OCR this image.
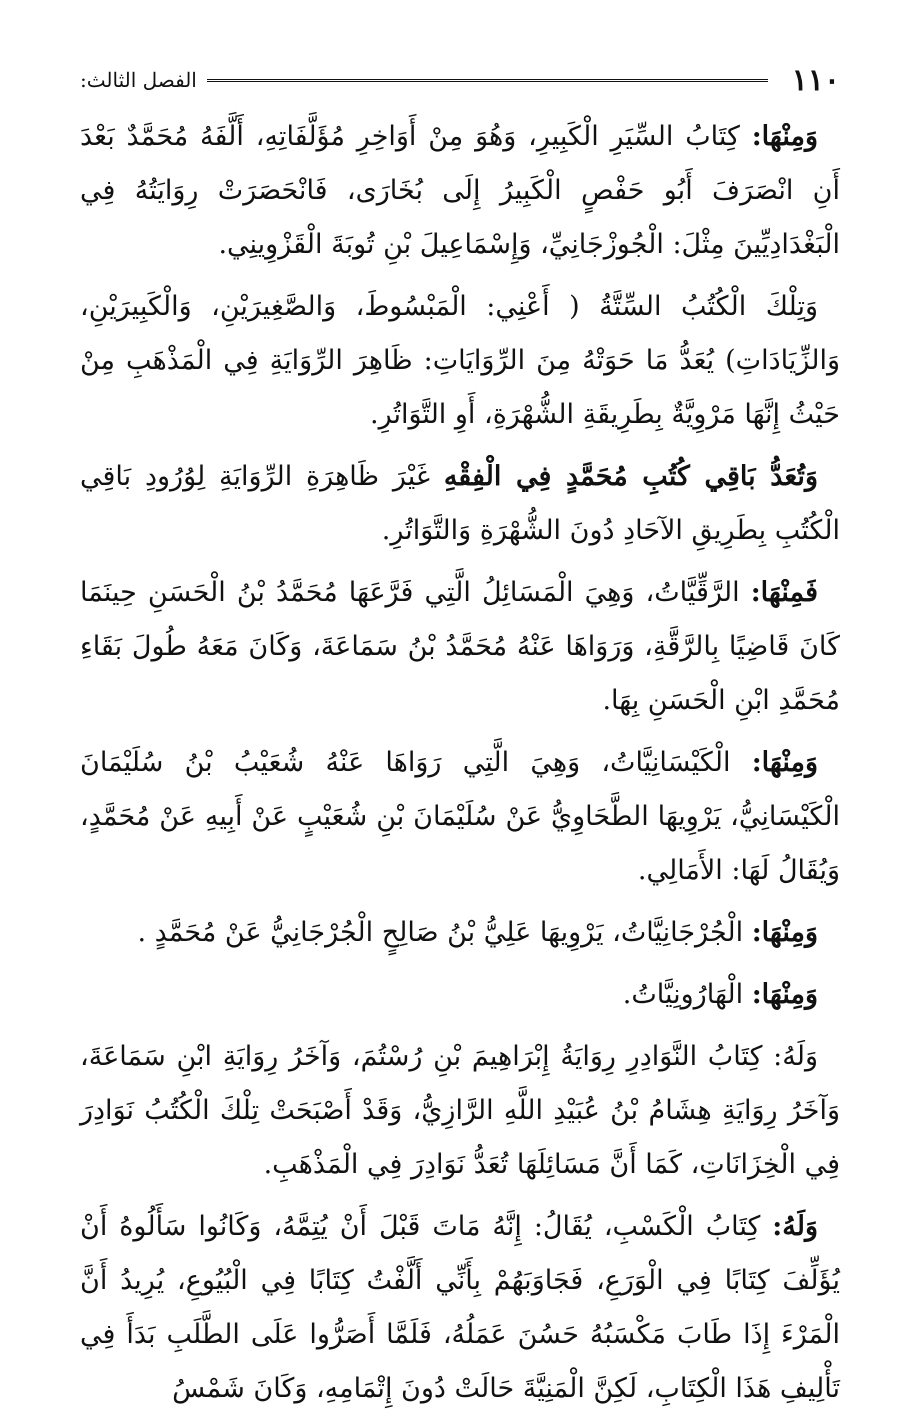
١١٠
الفصل الثالث:

وَمِنْهَا: كِتَابُ السِّيَرِ الْكَبِيرِ، وَهُوَ مِنْ أَوَاخِرِ مُؤَلَّفَاتِهِ، أَلَّفَهُ مُحَمَّدٌ بَعْدَ أَنِ انْصَرَفَ أَبُو حَفْصٍ الْكَبِيرُ إِلَى بُخَارَى، فَانْحَصَرَتْ رِوَايَتُهُ فِي الْبَغْدَادِيِّينَ مِثْلَ: الْجُوزْجَانِيِّ، وَإِسْمَاعِيلَ بْنِ تُوبَةَ الْقَزْوِينِي.

وَتِلْكَ الْكُتُبُ السِّتَّةُ ( أَعْنِي: الْمَبْسُوطَ، وَالصَّغِيرَيْنِ، وَالْكَبِيرَيْنِ، وَالزِّيَادَاتِ) يُعَدُّ مَا حَوَتْهُ مِنَ الرِّوَايَاتِ: ظَاهِرَ الرِّوَايَةِ فِي الْمَذْهَبِ مِنْ حَيْثُ إِنَّهَا مَرْوِيَّةٌ بِطَرِيقَةِ الشُّهْرَةِ، أَوِ التَّوَاتُرِ.

وَتُعَدُّ بَاقِي كُتُبِ مُحَمَّدٍ فِي الْفِقْهِ غَيْرَ ظَاهِرَةِ الرِّوَايَةِ لِوُرُودِ بَاقِي الْكُتُبِ بِطَرِيقِ الآحَادِ دُونَ الشُّهْرَةِ وَالتَّوَاتُرِ.

فَمِنْهَا: الرَّقِّيَّاتُ، وَهِيَ الْمَسَائِلُ الَّتِي فَرَّعَهَا مُحَمَّدُ بْنُ الْحَسَنِ حِينَمَا كَانَ قَاضِيًا بِالرَّقَّةِ، وَرَوَاهَا عَنْهُ مُحَمَّدُ بْنُ سَمَاعَةَ، وَكَانَ مَعَهُ طُولَ بَقَاءِ مُحَمَّدِ ابْنِ الْحَسَنِ بِهَا.

وَمِنْهَا: الْكَيْسَانِيَّاتُ، وَهِيَ الَّتِي رَوَاهَا عَنْهُ شُعَيْبُ بْنُ سُلَيْمَانَ الْكَيْسَانِيُّ، يَرْوِيهَا الطَّحَاوِيُّ عَنْ سُلَيْمَانَ بْنِ شُعَيْبٍ عَنْ أَبِيهِ عَنْ مُحَمَّدٍ، وَيُقَالُ لَهَا: الأَمَالِي.

وَمِنْهَا: الْجُرْجَانِيَّاتُ، يَرْوِيهَا عَلِيُّ بْنُ صَالِحٍ الْجُرْجَانِيُّ عَنْ مُحَمَّدٍ .

وَمِنْهَا: الْهَارُونِيَّاتُ.

وَلَهُ: كِتَابُ النَّوَادِرِ رِوَايَةُ إِبْرَاهِيمَ بْنِ رُسْتُمَ، وَآخَرُ رِوَايَةِ ابْنِ سَمَاعَةَ، وَآخَرُ رِوَايَةِ هِشَامُ بْنُ عُبَيْدِ اللَّهِ الرَّازِيُّ، وَقَدْ أَصْبَحَتْ تِلْكَ الْكُتُبُ نَوَادِرَ فِي الْخِزَانَاتِ، كَمَا أَنَّ مَسَائِلَهَا تُعَدُّ نَوَادِرَ فِي الْمَذْهَبِ.

وَلَهُ: كِتَابُ الْكَسْبِ، يُقَالُ: إِنَّهُ مَاتَ قَبْلَ أَنْ يُتِمَّهُ، وَكَانُوا سَأَلُوهُ أَنْ يُؤَلِّفَ كِتَابًا فِي الْوَرَعِ، فَجَاوَبَهُمْ بِأَنِّي أَلَّفْتُ كِتَابًا فِي الْبُيُوعِ، يُرِيدُ أَنَّ الْمَرْءَ إِذَا طَابَ مَكْسَبُهُ حَسُنَ عَمَلُهُ، فَلَمَّا أَصَرُّوا عَلَى الطَّلَبِ بَدَأَ فِي تَأْلِيفِ هَذَا الْكِتَابِ، لَكِنَّ الْمَنِيَّةَ حَالَتْ دُونَ إِتْمَامِهِ، وَكَانَ شَمْسُ
